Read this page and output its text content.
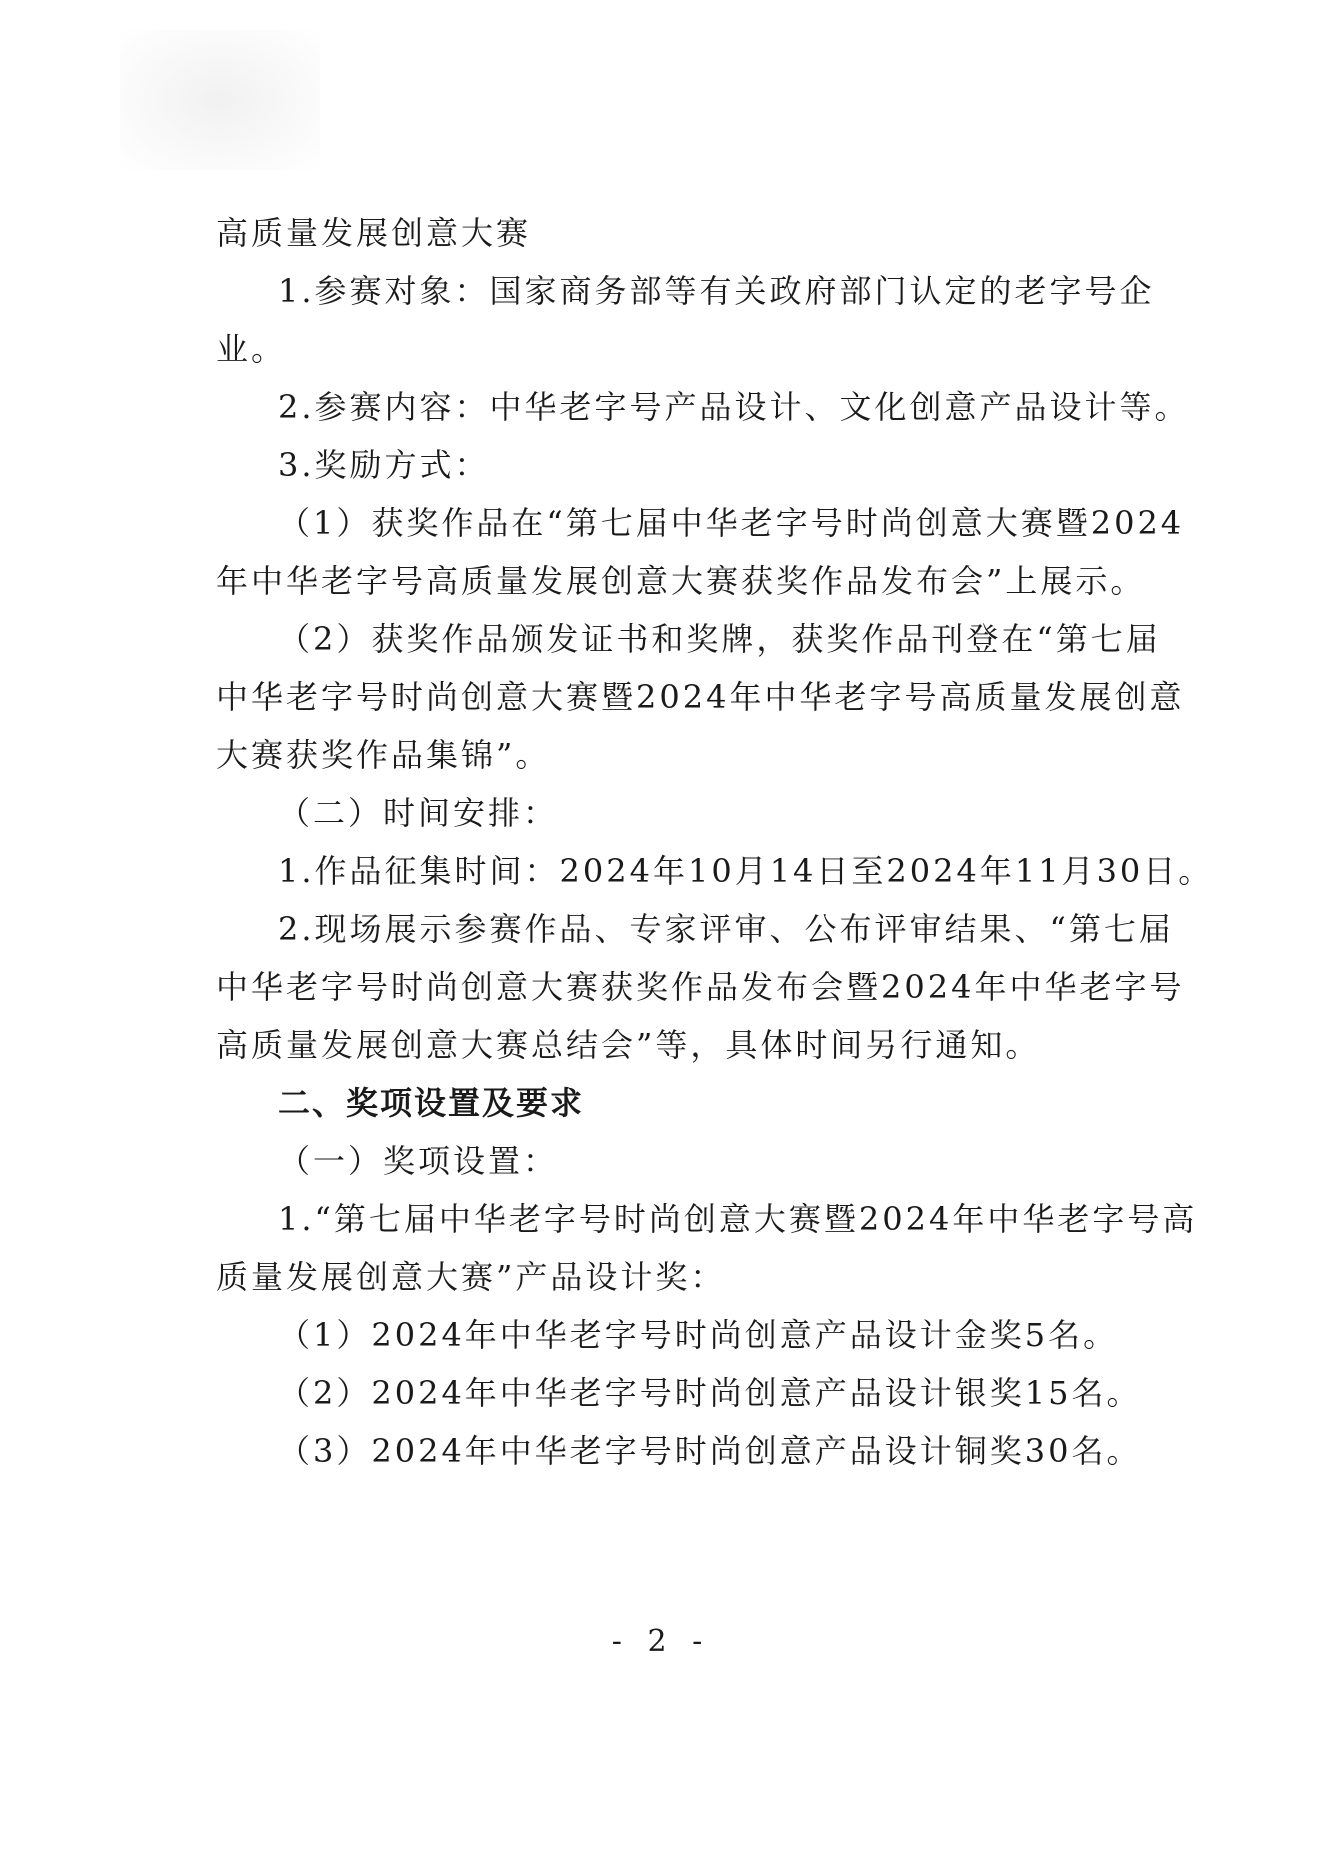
高质量发展创意大赛
1.参赛对象：国家商务部等有关政府部门认定的老字号企
业。
2.参赛内容：中华老字号产品设计、文化创意产品设计等。
3.奖励方式：
（1）获奖作品在“第七届中华老字号时尚创意大赛暨2024
年中华老字号高质量发展创意大赛获奖作品发布会”上展示。
（2）获奖作品颁发证书和奖牌，获奖作品刊登在“第七届
中华老字号时尚创意大赛暨2024年中华老字号高质量发展创意
大赛获奖作品集锦”。
（二）时间安排：
1.作品征集时间：2024年10月14日至2024年11月30日。
2.现场展示参赛作品、专家评审、公布评审结果、“第七届
中华老字号时尚创意大赛获奖作品发布会暨2024年中华老字号
高质量发展创意大赛总结会”等，具体时间另行通知。
二、奖项设置及要求
（一）奖项设置：
1.“第七届中华老字号时尚创意大赛暨2024年中华老字号高
质量发展创意大赛”产品设计奖：
（1）2024年中华老字号时尚创意产品设计金奖5名。
（2）2024年中华老字号时尚创意产品设计银奖15名。
（3）2024年中华老字号时尚创意产品设计铜奖30名。
- 2 -
